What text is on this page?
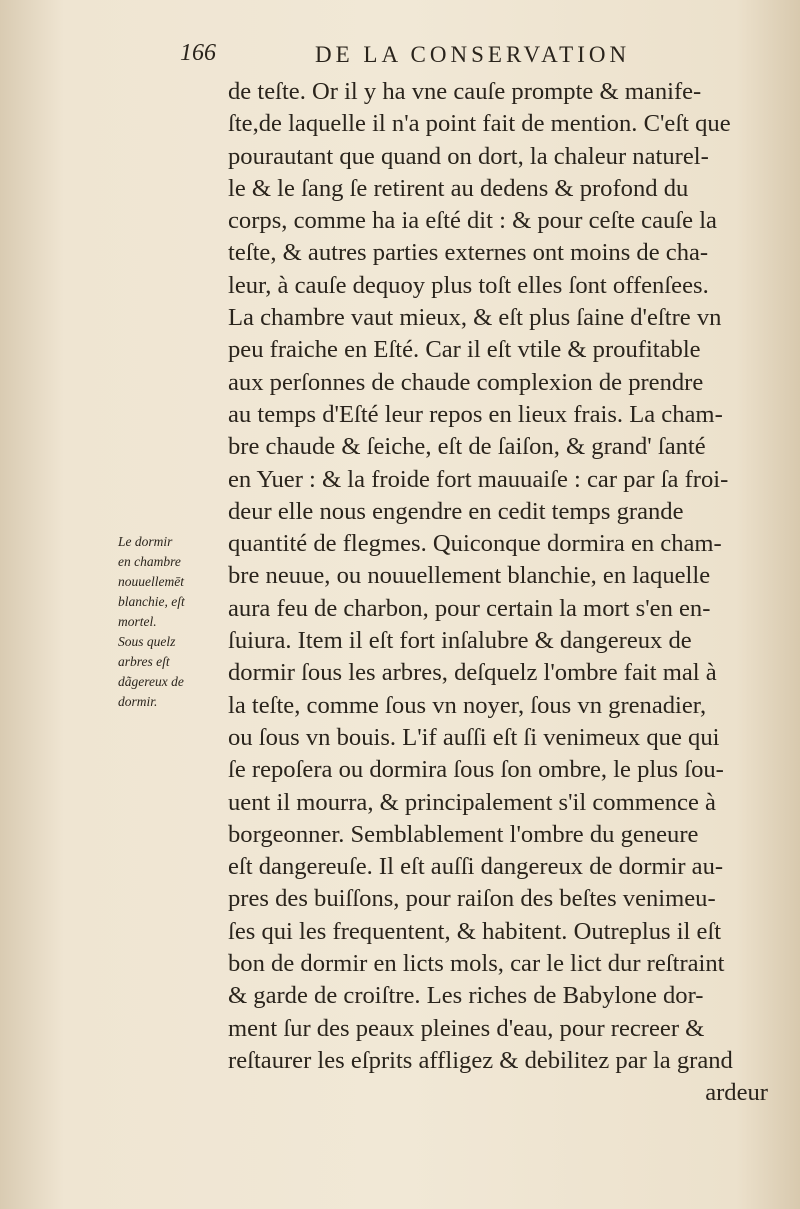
166	DE LA CONSERVATION
Le dormir
en chambre
nouuellemēt
blanchie, eſt
mortel.
Sous quelz
arbres eſt
dãgereux de
dormir.
de teſte. Or il y ha vne cauſe prompte & manife-
ſte,de laquelle il n'a point fait de mention. C'eſt que
pourautant que quand on dort, la chaleur naturel-
le & le ſang ſe retirent au dedens & profond du
corps, comme ha ia eſté dit : & pour ceſte cauſe la
teſte, & autres parties externes ont moins de cha-
leur, à cauſe dequoy plus toſt elles ſont offenſees.
La chambre vaut mieux, & eſt plus ſaine d'eſtre vn
peu fraiche en Eſté. Car il eſt vtile & proufitable
aux perſonnes de chaude complexion de prendre
au temps d'Eſté leur repos en lieux frais. La cham-
bre chaude & ſeiche, eſt de ſaiſon, & grand' ſanté
en Yuer : & la froide fort mauuaiſe : car par ſa froi-
deur elle nous engendre en cedit temps grande
quantité de flegmes. Quiconque dormira en cham-
bre neuue, ou nouuellement blanchie, en laquelle
aura feu de charbon, pour certain la mort s'en en-
ſuiura. Item il eſt fort inſalubre & dangereux de
dormir ſous les arbres, deſquelz l'ombre fait mal à
la teſte, comme ſous vn noyer, ſous vn grenadier,
ou ſous vn bouis. L'if auſſi eſt ſi venimeux que qui
ſe repoſera ou dormira ſous ſon ombre, le plus ſou-
uent il mourra, & principalement s'il commence à
borgeonner. Semblablement l'ombre du geneure
eſt dangereuſe. Il eſt auſſi dangereux de dormir au-
pres des buiſſons, pour raiſon des beſtes venimeu-
ſes qui les frequentent, & habitent. Outreplus il eſt
bon de dormir en licts mols, car le lict dur reſtraint
& garde de croiſtre. Les riches de Babylone dor-
ment ſur des peaux pleines d'eau, pour recreer &
reſtaurer les eſprits affligez & debilitez par la grand
ardeur
